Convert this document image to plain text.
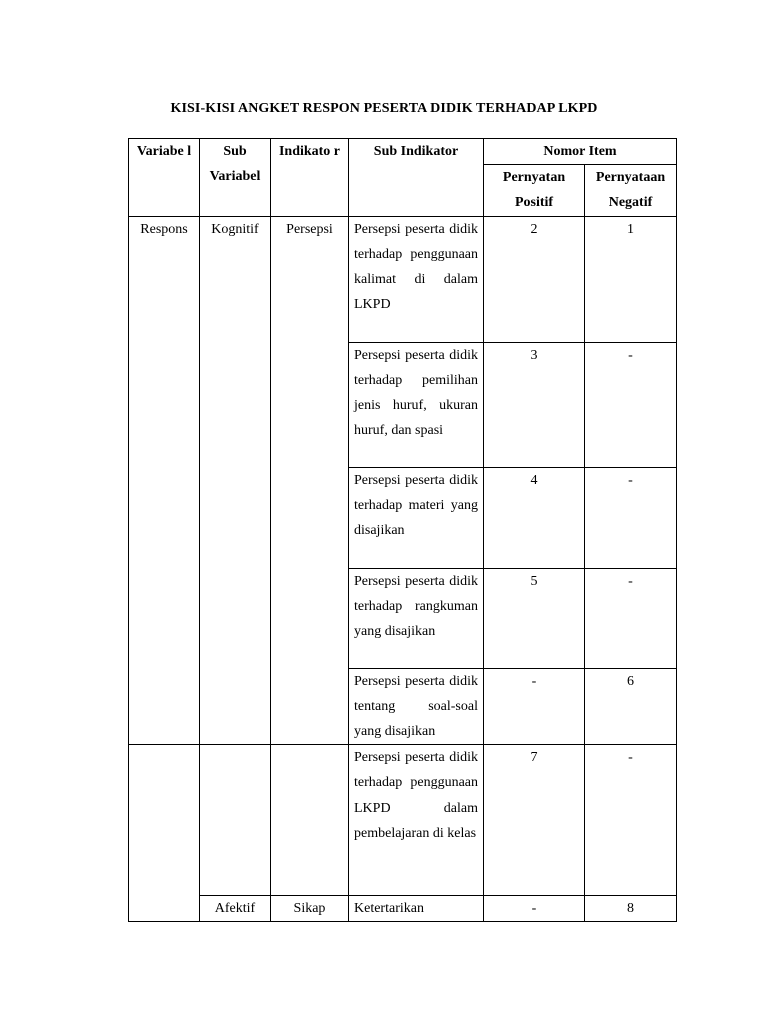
KISI-KISI ANGKET RESPON PESERTA DIDIK TERHADAP LKPD
Variabe l	Sub Variabel	Indikato r	Sub Indikator	Nomor Item	
				Pernyatan Positif	Pernyataan Negatif
Respons	Kognitif	Persepsi	Persepsi peserta didik terhadap penggunaan kalimat di dalam LKPD	2	1
			Persepsi peserta didik terhadap pemilihan jenis huruf, ukuran huruf, dan spasi	3	-
			Persepsi peserta didik terhadap materi yang disajikan	4	-
			Persepsi peserta didik terhadap rangkuman yang disajikan	5	-
			Persepsi peserta didik tentang soal-soal yang disajikan	-	6
			Persepsi peserta didik terhadap penggunaan LKPD dalam pembelajaran di kelas	7	-
	Afektif	Sikap	Ketertarikan	-	8
